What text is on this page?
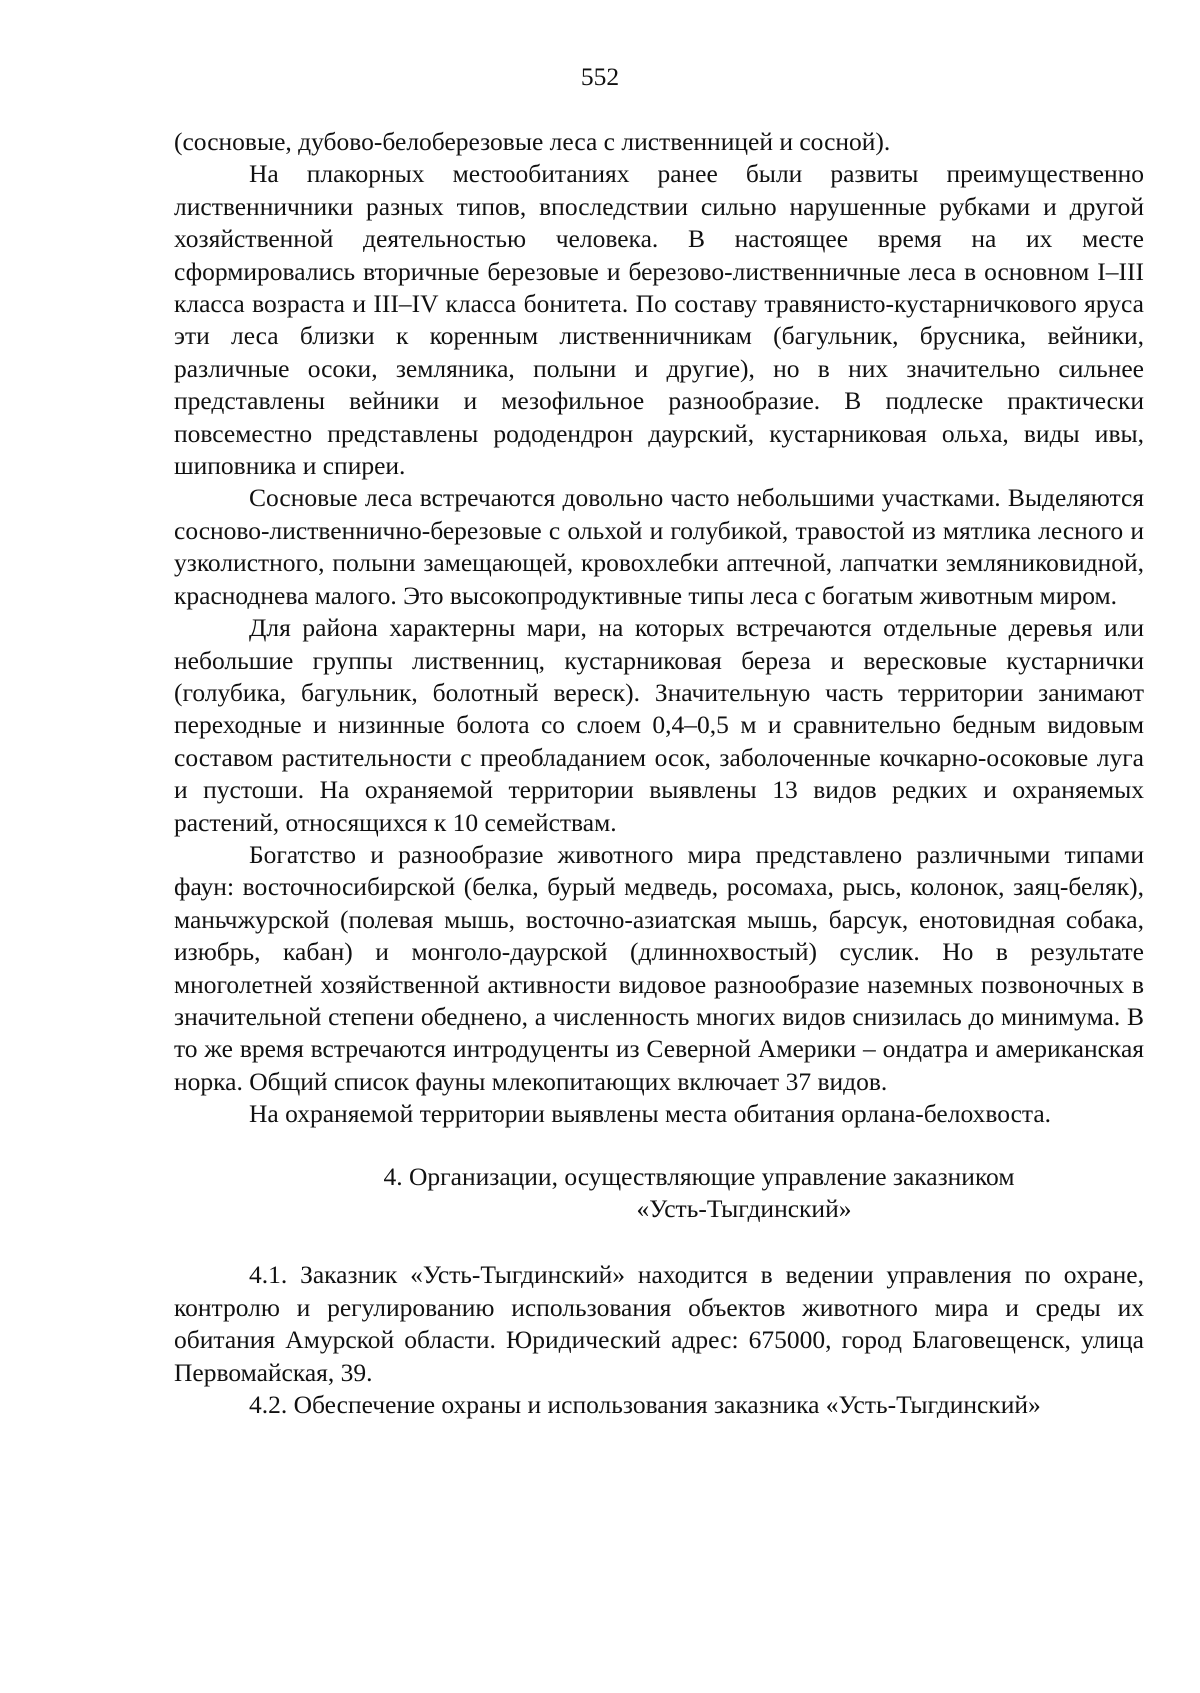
552

(сосновые, дубово-белоберезовые леса с лиственницей и сосной).

На плакорных местообитаниях ранее были развиты преимущественно лиственничники разных типов, впоследствии сильно нарушенные рубками и другой хозяйственной деятельностью человека. В настоящее время на их месте сформировались вторичные березовые и березово-лиственничные леса в основном I–III класса возраста и III–IV класса бонитета. По составу травянисто-кустарничкового яруса эти леса близки к коренным лиственничникам (багульник, брусника, вейники, различные осоки, земляника, полыни и другие), но в них значительно сильнее представлены вейники и мезофильное разнообразие. В подлеске практически повсеместно представлены рододендрон даурский, кустарниковая ольха, виды ивы, шиповника и спиреи.

Сосновые леса встречаются довольно часто небольшими участками. Выделяются сосново-лиственнично-березовые с ольхой и голубикой, травостой из мятлика лесного и узколистного, полыни замещающей, кровохлебки аптечной, лапчатки земляниковидной, красноднева малого. Это высокопродуктивные типы леса с богатым животным миром.

Для района характерны мари, на которых встречаются отдельные деревья или небольшие группы лиственниц, кустарниковая береза и вересковые кустарнички (голубика, багульник, болотный вереск). Значительную часть территории занимают переходные и низинные болота со слоем 0,4–0,5 м и сравнительно бедным видовым составом растительности с преобладанием осок, заболоченные кочкарно-осоковые луга и пустоши. На охраняемой территории выявлены 13 видов редких и охраняемых растений, относящихся к 10 семействам.

Богатство и разнообразие животного мира представлено различными типами фаун: восточносибирской (белка, бурый медведь, росомаха, рысь, колонок, заяц-беляк), маньчжурской (полевая мышь, восточно-азиатская мышь, барсук, енотовидная собака, изюбрь, кабан) и монголо-даурской (длиннохвостый) суслик. Но в результате многолетней хозяйственной активности видовое разнообразие наземных позвоночных в значительной степени обеднено, а численность многих видов снизилась до минимума. В то же время встречаются интродуценты из Северной Америки – ондатра и американская норка. Общий список фауны млекопитающих включает 37 видов.

На охраняемой территории выявлены места обитания орлана-белохвоста.

4. Организации, осуществляющие управление заказником
«Усть-Тыгдинский»

4.1. Заказник «Усть-Тыгдинский» находится в ведении управления по охране, контролю и регулированию использования объектов животного мира и среды их обитания Амурской области. Юридический адрес: 675000, город Благовещенск, улица Первомайская, 39.

4.2. Обеспечение охраны и использования заказника «Усть-Тыгдинский»
